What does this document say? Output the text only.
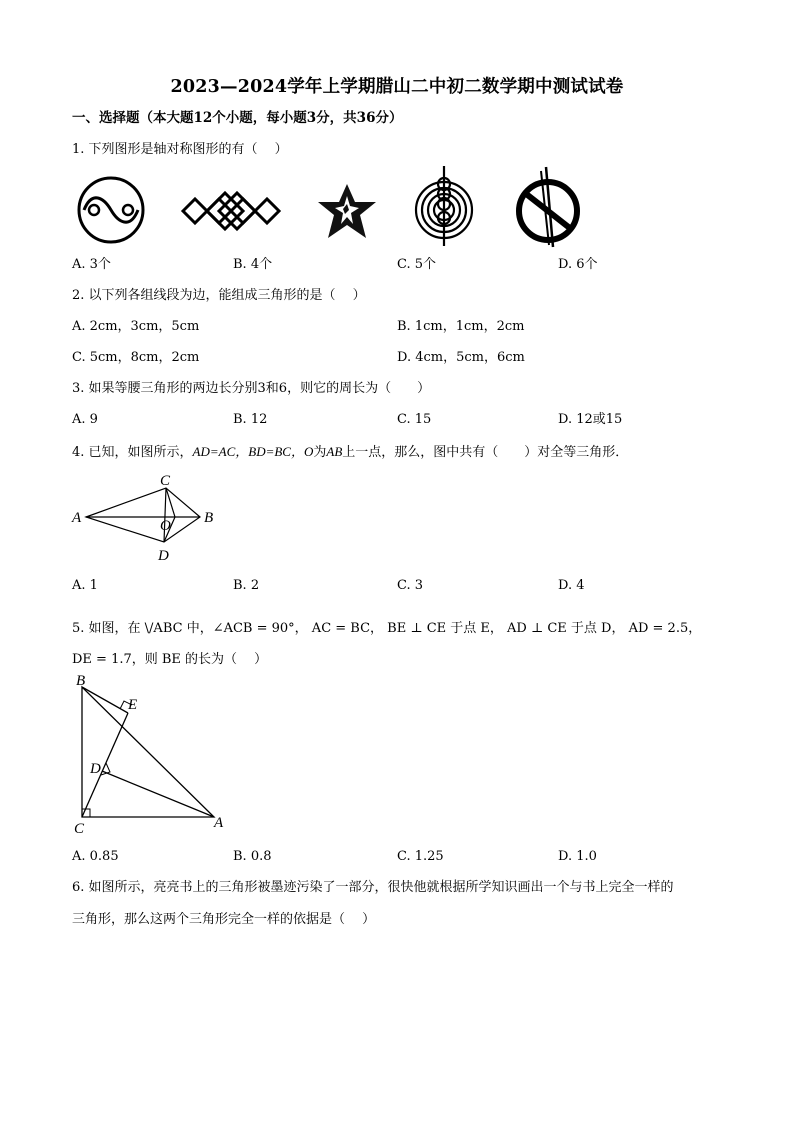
2023—2024学年上学期腊山二中初二数学期中测试试卷
一、选择题（本大题12个小题，每小题3分，共36分）
1. 下列图形是轴对称图形的有（　 ）
A. 3个	B. 4个	C. 5个	D. 6个
2. 以下列各组线段为边，能组成三角形的是（　 ）
A. 2cm，3cm，5cm	B. 1cm，1cm，2cm
C. 5cm，8cm，2cm	D. 4cm，5cm，6cm
3. 如果等腰三角形的两边长分别3和6，则它的周长为（　　）
A. 9	B. 12	C. 15	D. 12或15
4. 已知，如图所示，AD=AC，BD=BC，O为AB上一点，那么，图中共有（　　）对全等三角形．
A
C
B
D
O
A. 1	B. 2	C. 3	D. 4
5. 如图，在 \/ABC 中，∠ACB = 90°， AC = BC， BE ⊥ CE 于点 E， AD ⊥ CE 于点 D， AD = 2.5，
DE = 1.7，则 BE 的长为（　 ）
B
E
D
C	A
A. 0.85	B. 0.8	C. 1.25	D. 1.0
6. 如图所示，亮亮书上的三角形被墨迹污染了一部分，很快他就根据所学知识画出一个与书上完全一样的
三角形，那么这两个三角形完全一样的依据是（　 ）
